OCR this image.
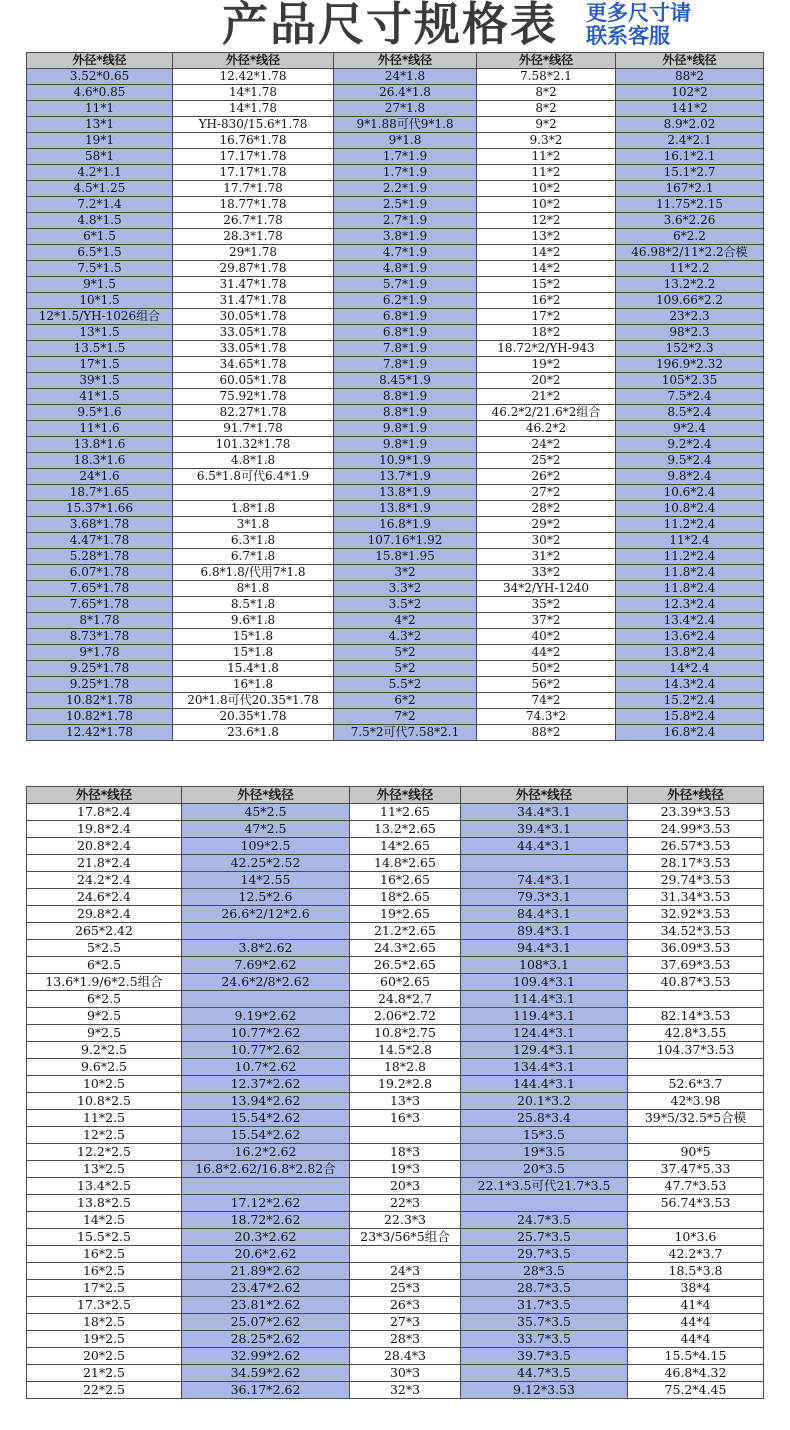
产品尺寸规格表 更多尺寸请
联系客服
外径*线径	外径*线径	外径*线径	外径*线径	外径*线径
3.52*0.65	12.42*1.78	24*1.8	7.58*2.1	88*2
4.6*0.85	14*1.78	26.4*1.8	8*2	102*2
11*1	14*1.78	27*1.8	8*2	141*2
13*1	YH-830/15.6*1.78	9*1.88可代9*1.8	9*2	8.9*2.02
19*1	16.76*1.78	9*1.8	9.3*2	2.4*2.1
58*1	17.17*1.78	1.7*1.9	11*2	16.1*2.1
4.2*1.1	17.17*1.78	1.7*1.9	11*2	15.1*2.7
4.5*1.25	17.7*1.78	2.2*1.9	10*2	167*2.1
7.2*1.4	18.77*1.78	2.5*1.9	10*2	11.75*2.15
4.8*1.5	26.7*1.78	2.7*1.9	12*2	3.6*2.26
6*1.5	28.3*1.78	3.8*1.9	13*2	6*2.2
6.5*1.5	29*1.78	4.7*1.9	14*2	46.98*2/11*2.2合模
7.5*1.5	29.87*1.78	4.8*1.9	14*2	11*2.2
9*1.5	31.47*1.78	5.7*1.9	15*2	13.2*2.2
10*1.5	31.47*1.78	6.2*1.9	16*2	109.66*2.2
12*1.5/YH-1026组合	30.05*1.78	6.8*1.9	17*2	23*2.3
13*1.5	33.05*1.78	6.8*1.9	18*2	98*2.3
13.5*1.5	33.05*1.78	7.8*1.9	18.72*2/YH-943	152*2.3
17*1.5	34.65*1.78	7.8*1.9	19*2	196.9*2.32
39*1.5	60.05*1.78	8.45*1.9	20*2	105*2.35
41*1.5	75.92*1.78	8.8*1.9	21*2	7.5*2.4
9.5*1.6	82.27*1.78	8.8*1.9	46.2*2/21.6*2组合	8.5*2.4
11*1.6	91.7*1.78	9.8*1.9	46.2*2	9*2.4
13.8*1.6	101.32*1.78	9.8*1.9	24*2	9.2*2.4
18.3*1.6	4.8*1.8	10.9*1.9	25*2	9.5*2.4
24*1.6	6.5*1.8可代6.4*1.9	13.7*1.9	26*2	9.8*2.4
18.7*1.65		13.8*1.9	27*2	10.6*2.4
15.37*1.66	1.8*1.8	13.8*1.9	28*2	10.8*2.4
3.68*1.78	3*1.8	16.8*1.9	29*2	11.2*2.4
4.47*1.78	6.3*1.8	107.16*1.92	30*2	11*2.4
5.28*1.78	6.7*1.8	15.8*1.95	31*2	11.2*2.4
6.07*1.78	6.8*1.8/代用7*1.8	3*2	33*2	11.8*2.4
7.65*1.78	8*1.8	3.3*2	34*2/YH-1240	11.8*2.4
7.65*1.78	8.5*1.8	3.5*2	35*2	12.3*2.4
8*1.78	9.6*1.8	4*2	37*2	13.4*2.4
8.73*1.78	15*1.8	4.3*2	40*2	13.6*2.4
9*1.78	15*1.8	5*2	44*2	13.8*2.4
9.25*1.78	15.4*1.8	5*2	50*2	14*2.4
9.25*1.78	16*1.8	5.5*2	56*2	14.3*2.4
10.82*1.78	20*1.8可代20.35*1.78	6*2	74*2	15.2*2.4
10.82*1.78	20.35*1.78	7*2	74.3*2	15.8*2.4
12.42*1.78	23.6*1.8	7.5*2可代7.58*2.1	88*2	16.8*2.4
外径*线径	外径*线径	外径*线径	外径*线径	外径*线径
17.8*2.4	45*2.5	11*2.65	34.4*3.1	23.39*3.53
19.8*2.4	47*2.5	13.2*2.65	39.4*3.1	24.99*3.53
20.8*2.4	109*2.5	14*2.65	44.4*3.1	26.57*3.53
21.8*2.4	42.25*2.52	14.8*2.65		28.17*3.53
24.2*2.4	14*2.55	16*2.65	74.4*3.1	29.74*3.53
24.6*2.4	12.5*2.6	18*2.65	79.3*3.1	31.34*3.53
29.8*2.4	26.6*2/12*2.6	19*2.65	84.4*3.1	32.92*3.53
265*2.42		21.2*2.65	89.4*3.1	34.52*3.53
5*2.5	3.8*2.62	24.3*2.65	94.4*3.1	36.09*3.53
6*2.5	7.69*2.62	26.5*2.65	108*3.1	37.69*3.53
13.6*1.9/6*2.5组合	24.6*2/8*2.62	60*2.65	109.4*3.1	40.87*3.53
6*2.5		24.8*2.7	114.4*3.1	
9*2.5	9.19*2.62	2.06*2.72	119.4*3.1	82.14*3.53
9*2.5	10.77*2.62	10.8*2.75	124.4*3.1	42.8*3.55
9.2*2.5	10.77*2.62	14.5*2.8	129.4*3.1	104.37*3.53
9.6*2.5	10.7*2.62	18*2.8	134.4*3.1	
10*2.5	12.37*2.62	19.2*2.8	144.4*3.1	52.6*3.7
10.8*2.5	13.94*2.62	13*3	20.1*3.2	42*3.98
11*2.5	15.54*2.62	16*3	25.8*3.4	39*5/32.5*5合模
12*2.5	15.54*2.62		15*3.5	
12.2*2.5	16.2*2.62	18*3	19*3.5	90*5
13*2.5	16.8*2.62/16.8*2.82合	19*3	20*3.5	37.47*5.33
13.4*2.5		20*3	22.1*3.5可代21.7*3.5	47.7*3.53
13.8*2.5	17.12*2.62	22*3		56.74*3.53
14*2.5	18.72*2.62	22.3*3	24.7*3.5	
15.5*2.5	20.3*2.62	23*3/56*5组合	25.7*3.5	10*3.6
16*2.5	20.6*2.62		29.7*3.5	42.2*3.7
16*2.5	21.89*2.62	24*3	28*3.5	18.5*3.8
17*2.5	23.47*2.62	25*3	28.7*3.5	38*4
17.3*2.5	23.81*2.62	26*3	31.7*3.5	41*4
18*2.5	25.07*2.62	27*3	35.7*3.5	44*4
19*2.5	28.25*2.62	28*3	33.7*3.5	44*4
20*2.5	32.99*2.62	28.4*3	39.7*3.5	15.5*4.15
21*2.5	34.59*2.62	30*3	44.7*3.5	46.8*4.32
22*2.5	36.17*2.62	32*3	9.12*3.53	75.2*4.45
